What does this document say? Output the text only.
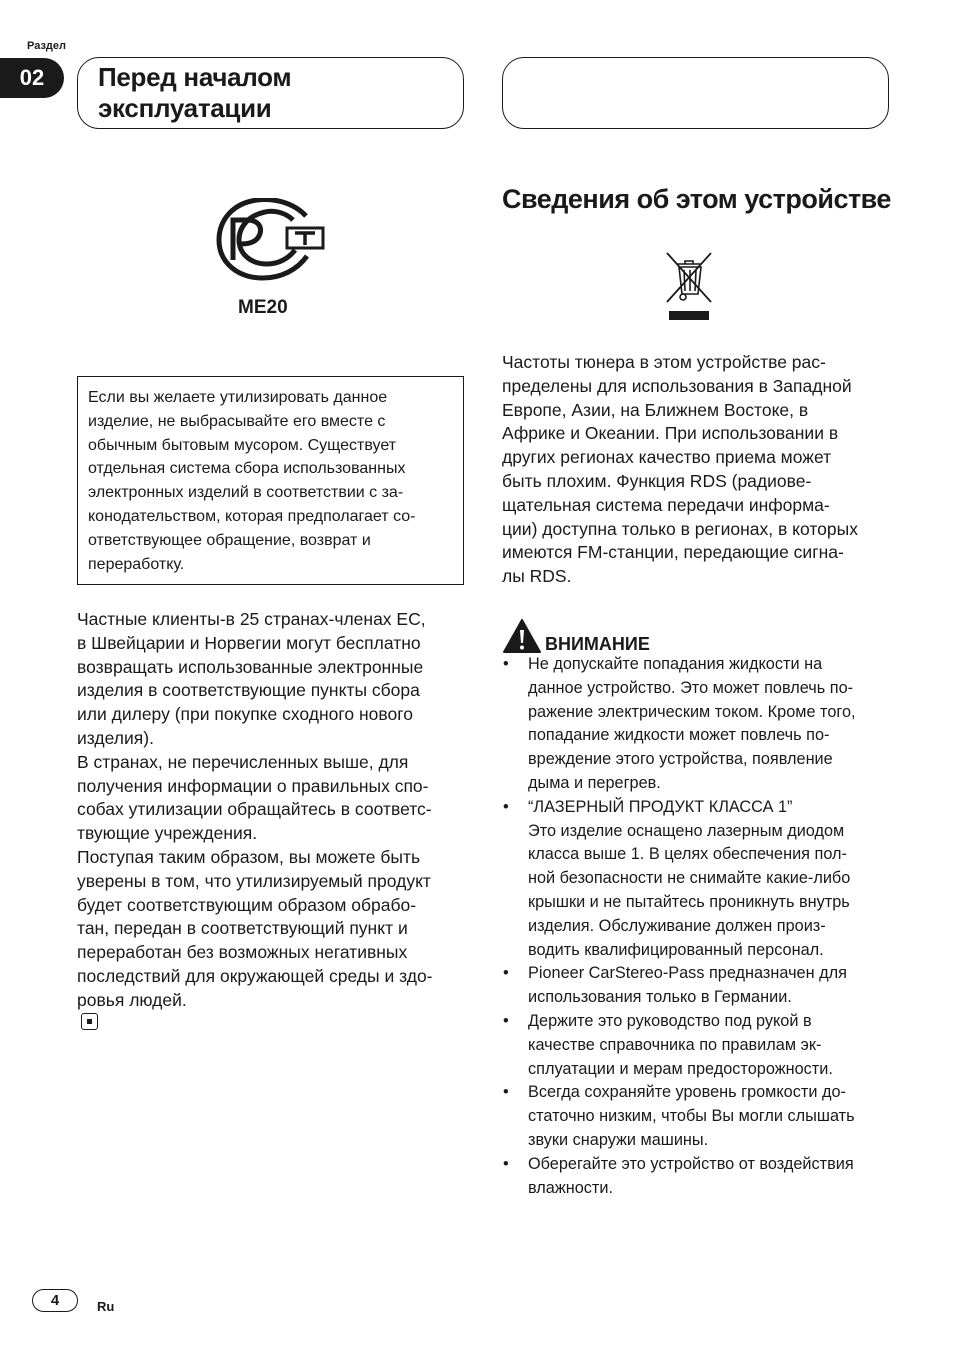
Раздел
02	Перед началом
эксплуатации
ME20
Если вы желаете утилизировать данное
изделие, не выбрасывайте его вместе с
обычным бытовым мусором. Существует
отдельная система сбора использованных
электронных изделий в соответствии с за-
конодательством, которая предполагает со-
ответствующее обращение, возврат и
переработку.
Частные клиенты-в 25 странах-членах ЕС,
в Швейцарии и Норвегии могут бесплатно
возвращать использованные электронные
изделия в соответствующие пункты сбора
или дилеру (при покупке сходного нового
изделия).
В странах, не перечисленных выше, для
получения информации о правильных спо-
собах утилизации обращайтесь в соответс-
твующие учреждения.
Поступая таким образом, вы можете быть
уверены в том, что утилизируемый продукт
будет соответствующим образом обрабо-
тан, передан в соответствующий пункт и
переработан без возможных негативных
последствий для окружающей среды и здо-
ровья людей.
Сведения об этом устройстве
Частоты тюнера в этом устройстве рас-
пределены для использования в Западной
Европе, Азии, на Ближнем Востоке, в
Африке и Океании. При использовании в
других регионах качество приема может
быть плохим. Функция RDS (радиове-
щательная система передачи информа-
ции) доступна только в регионах, в которых
имеются FM-станции, передающие сигна-
лы RDS.
ВНИМАНИЕ
• Не допускайте попадания жидкости на
данное устройство. Это может повлечь по-
ражение электрическим током. Кроме того,
попадание жидкости может повлечь по-
вреждение этого устройства, появление
дыма и перегрев.
• “ЛАЗЕРНЫЙ ПРОДУКТ КЛАССА 1”
Это изделие оснащено лазерным диодом
класса выше 1. В целях обеспечения пол-
ной безопасности не снимайте какие-либо
крышки и не пытайтесь проникнуть внутрь
изделия. Обслуживание должен произ-
водить квалифицированный персонал.
• Pioneer CarStereo-Pass предназначен для
использования только в Германии.
• Держите это руководство под рукой в
качестве справочника по правилам эк-
сплуатации и мерам предосторожности.
• Всегда сохраняйте уровень громкости до-
статочно низким, чтобы Вы могли слышать
звуки снаружи машины.
• Оберегайте это устройство от воздействия
влажности.
4	Ru
